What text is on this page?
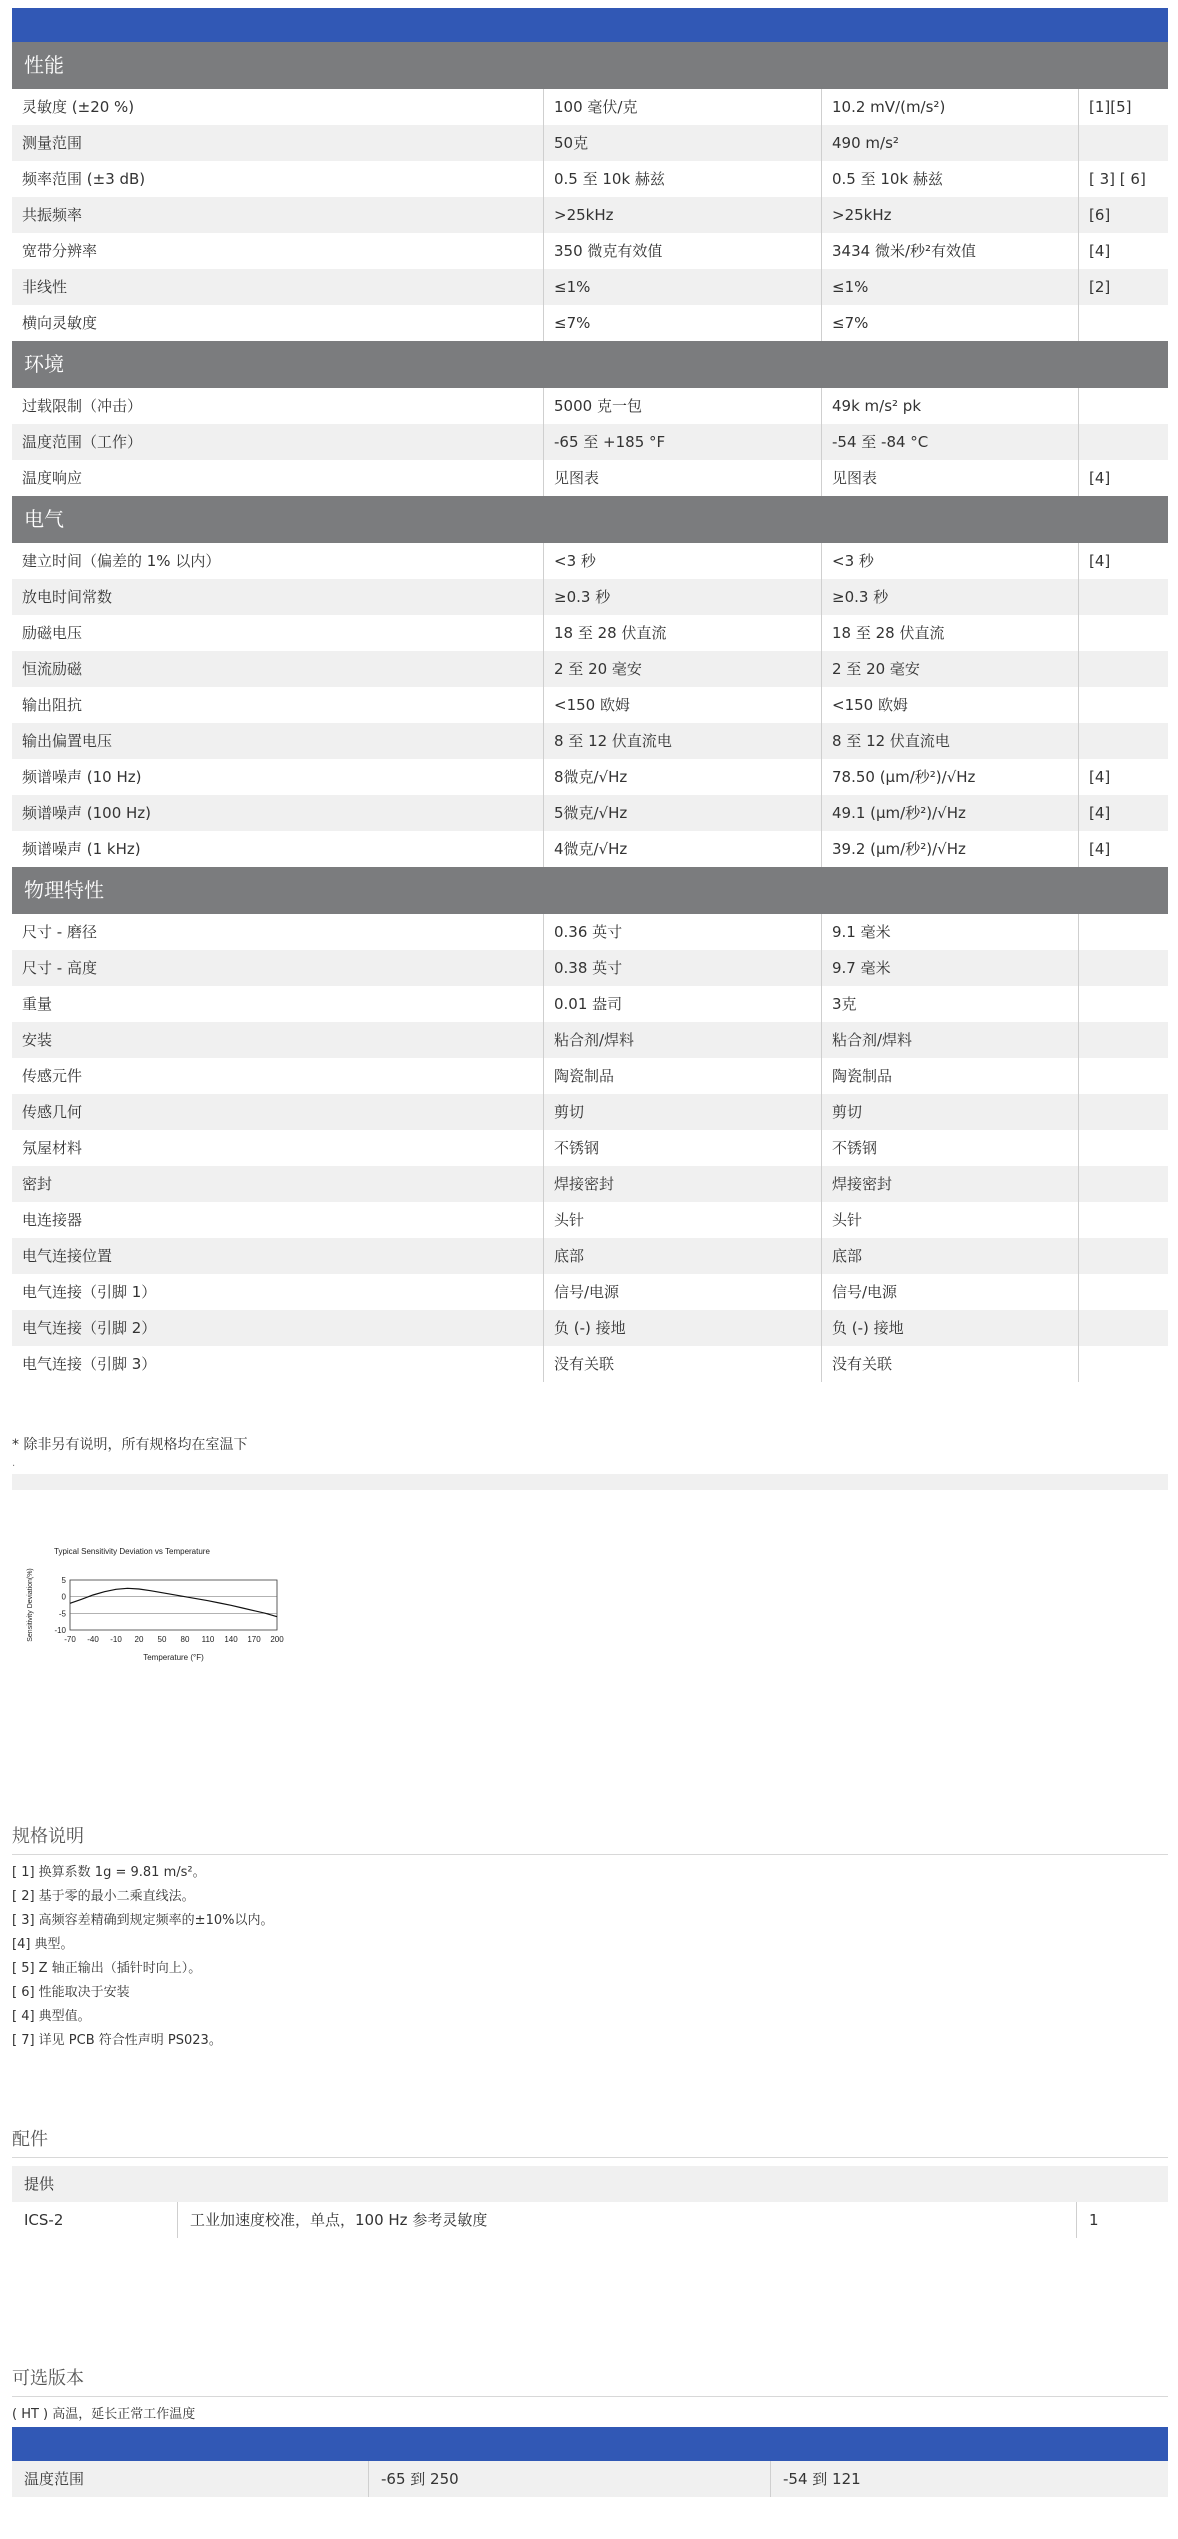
性能
灵敏度 (±20 %)	100 毫伏/克	10.2 mV/(m/s²)	[1][5]
测量范围	50克	490 m/s²
频率范围 (±3 dB)	0.5 至 10k 赫兹	0.5 至 10k 赫兹	[ 3] [ 6]
共振频率	>25kHz	>25kHz	[6]
宽带分辨率	350 微克有效值	3434 微米/秒²有效值	[4]
非线性	≤1%	≤1%	[2]
横向灵敏度	≤7%	≤7%
环境
过载限制（冲击）	5000 克一包	49k m/s² pk
温度范围（工作）	-65 至 +185 °F	-54 至 -84 °C
温度响应	见图表	见图表	[4]
电气
建立时间（偏差的 1% 以内）	<3 秒	<3 秒	[4]
放电时间常数	≥0.3 秒	≥0.3 秒
励磁电压	18 至 28 伏直流	18 至 28 伏直流
恒流励磁	2 至 20 毫安	2 至 20 毫安
输出阻抗	<150 欧姆	<150 欧姆
输出偏置电压	8 至 12 伏直流电	8 至 12 伏直流电
频谱噪声 (10 Hz)	8微克/√Hz	78.50 (μm/秒²)/√Hz	[4]
频谱噪声 (100 Hz)	5微克/√Hz	49.1 (μm/秒²)/√Hz	[4]
频谱噪声 (1 kHz)	4微克/√Hz	39.2 (μm/秒²)/√Hz	[4]
物理特性
尺寸 - 磨径	0.36 英寸	9.1 毫米
尺寸 - 高度	0.38 英寸	9.7 毫米
重量	0.01 盎司	3克
安装	粘合剂/焊料	粘合剂/焊料
传感元件	陶瓷制品	陶瓷制品
传感几何	剪切	剪切
氖屋材料	不锈钢	不锈钢
密封	焊接密封	焊接密封
电连接器	头针	头针
电气连接位置	底部	底部
电气连接（引脚 1）	信号/电源	信号/电源
电气连接（引脚 2）	负 (-) 接地	负 (-) 接地
电气连接（引脚 3）	没有关联	没有关联
* 除非另有说明，所有规格均在室温下
.
Typical Sensitivity Deviation vs Temperature
5
0
-5
-10
-70 -40 -10 20 50 80 110 140 170 200
Temperature (°F)
Sensitivity Deviation(%)
规格说明
[ 1] 换算系数 1g = 9.81 m/s²。
[ 2] 基于零的最小二乘直线法。
[ 3] 高频容差精确到规定频率的±10%以内。
[4] 典型。
[ 5] Z 轴正输出（插针时向上）。
[ 6] 性能取决于安装
[ 4] 典型值。
[ 7] 详见 PCB 符合性声明 PS023。
配件
提供
ICS-2	工业加速度校准，单点，100 Hz 参考灵敏度	1
可选版本
( HT ) 高温，延长正常工作温度
温度范围	-65 到 250	-54 到 121
